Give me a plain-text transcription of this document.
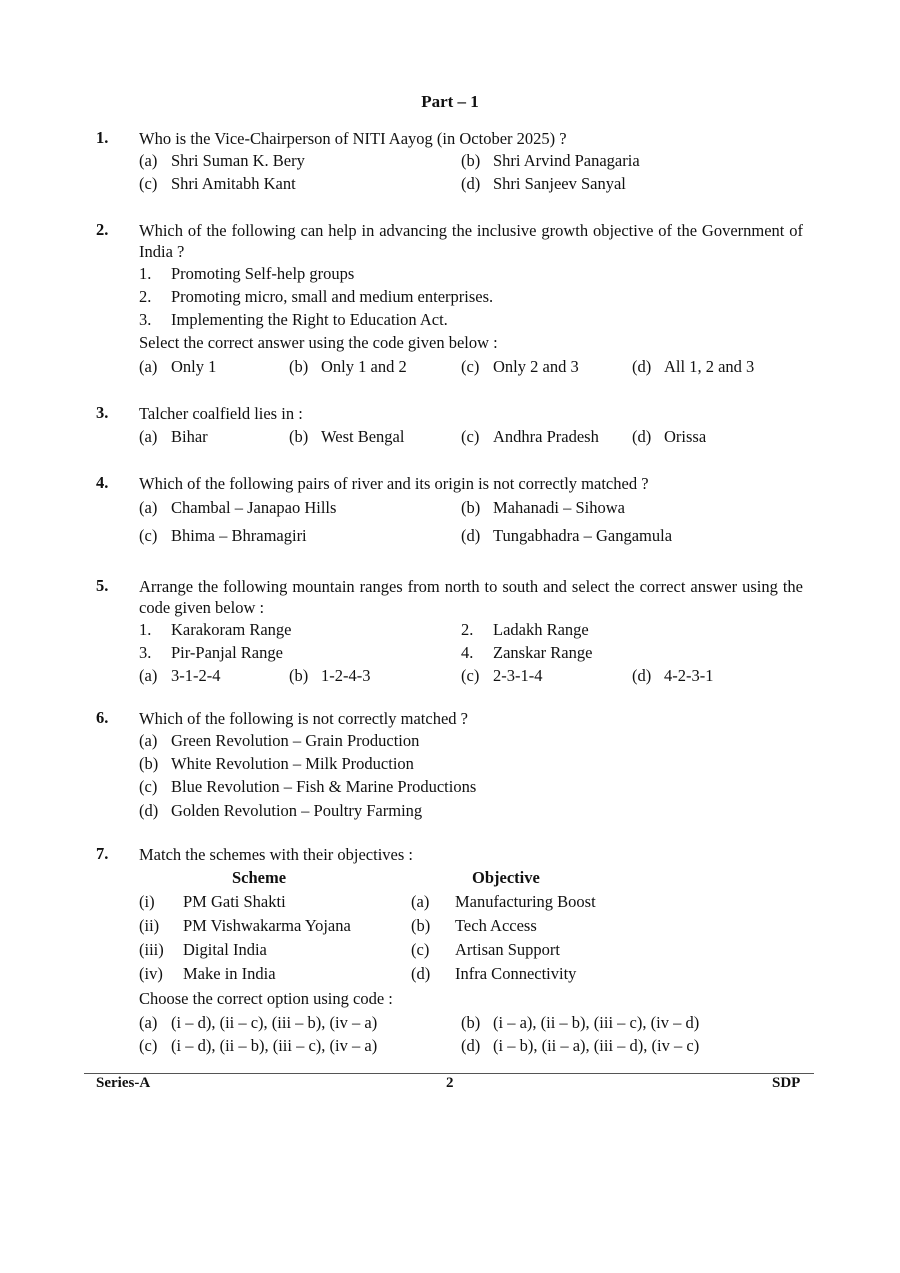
Part – 1
1. Who is the Vice-Chairperson of NITI Aayog (in October 2025) ?
(a) Shri Suman K. Bery	(b) Shri Arvind Panagaria
(c) Shri Amitabh Kant	(d) Shri Sanjeev Sanyal
2. Which of the following can help in advancing the inclusive growth objective of the Government of India ?
1. Promoting Self-help groups
2. Promoting micro, small and medium enterprises.
3. Implementing the Right to Education Act.
Select the correct answer using the code given below :
(a) Only 1	(b) Only 1 and 2	(c) Only 2 and 3	(d) All 1, 2 and 3
3. Talcher coalfield lies in :
(a) Bihar	(b) West Bengal	(c) Andhra Pradesh (d) Orissa
4. Which of the following pairs of river and its origin is not correctly matched ?
(a) Chambal – Janapao Hills	(b) Mahanadi – Sihowa
(c) Bhima – Bhramagiri	(d) Tungabhadra – Gangamula
5. Arrange the following mountain ranges from north to south and select the correct answer using the code given below :
1. Karakoram Range	2. Ladakh Range
3. Pir-Panjal Range	4. Zanskar Range
(a) 3-1-2-4	(b) 1-2-4-3	(c) 2-3-1-4	(d) 4-2-3-1
6. Which of the following is not correctly matched ?
(a) Green Revolution – Grain Production
(b) White Revolution – Milk Production
(c) Blue Revolution – Fish & Marine Productions
(d) Golden Revolution – Poultry Farming
7. Match the schemes with their objectives :
Scheme	Objective
(i) PM Gati Shakti	(a) Manufacturing Boost
(ii) PM Vishwakarma Yojana	(b) Tech Access
(iii) Digital India	(c) Artisan Support
(iv) Make in India	(d) Infra Connectivity
Choose the correct option using code :
(a) (i – d), (ii – c), (iii – b), (iv – a)	(b) (i – a), (ii – b), (iii – c), (iv – d)
(c) (i – d), (ii – b), (iii – c), (iv – a)	(d) (i – b), (ii – a), (iii – d), (iv – c)
Series-A	2	SDP
